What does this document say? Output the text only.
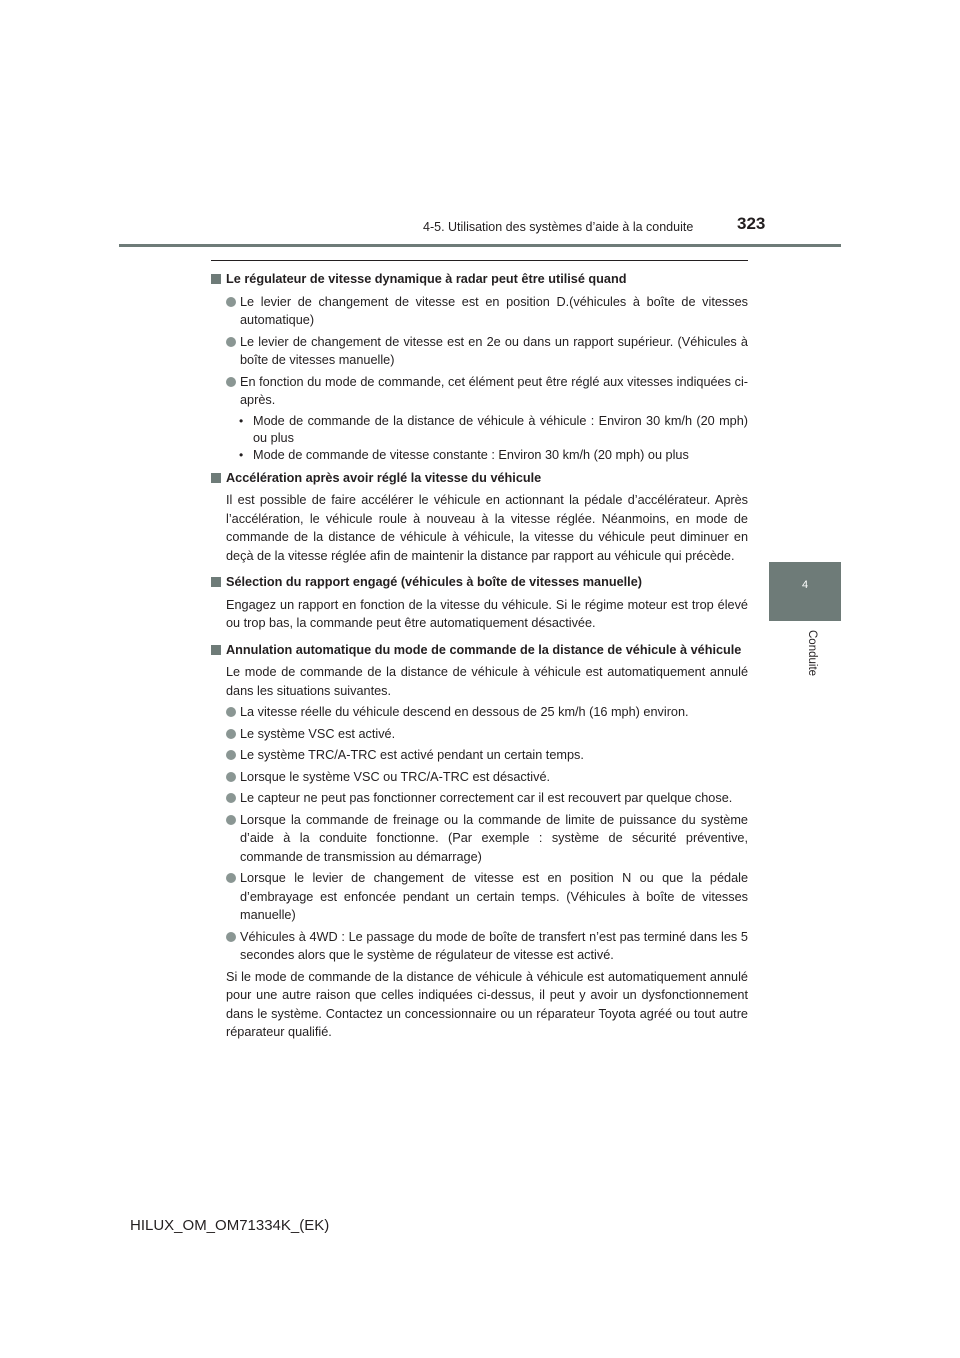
4-5. Utilisation des systèmes d’aide à la conduite	323
4
Conduite
Le régulateur de vitesse dynamique à radar peut être utilisé quand
Le levier de changement de vitesse est en position D.(véhicules à boîte de vitesses automatique)
Le levier de changement de vitesse est en 2e ou dans un rapport supérieur. (Véhicules à boîte de vitesses manuelle)
En fonction du mode de commande, cet élément peut être réglé aux vitesses indiquées ci-après.
• Mode de commande de la distance de véhicule à véhicule : Environ 30 km/h (20 mph) ou plus
• Mode de commande de vitesse constante : Environ 30 km/h (20 mph) ou plus
Accélération après avoir réglé la vitesse du véhicule
Il est possible de faire accélérer le véhicule en actionnant la pédale d’accélérateur. Après l’accélération, le véhicule roule à nouveau à la vitesse réglée. Néanmoins, en mode de commande de la distance de véhicule à véhicule, la vitesse du véhicule peut diminuer en deçà de la vitesse réglée afin de maintenir la distance par rapport au véhicule qui précède.
Sélection du rapport engagé (véhicules à boîte de vitesses manuelle)
Engagez un rapport en fonction de la vitesse du véhicule. Si le régime moteur est trop élevé ou trop bas, la commande peut être automatiquement désactivée.
Annulation automatique du mode de commande de la distance de véhicule à véhicule
Le mode de commande de la distance de véhicule à véhicule est automatiquement annulé dans les situations suivantes.
La vitesse réelle du véhicule descend en dessous de 25 km/h (16 mph) environ.
Le système VSC est activé.
Le système TRC/A-TRC est activé pendant un certain temps.
Lorsque le système VSC ou TRC/A-TRC est désactivé.
Le capteur ne peut pas fonctionner correctement car il est recouvert par quelque chose.
Lorsque la commande de freinage ou la commande de limite de puissance du système d’aide à la conduite fonctionne. (Par exemple : système de sécurité préventive, commande de transmission au démarrage)
Lorsque le levier de changement de vitesse est en position N ou que la pédale d’embrayage est enfoncée pendant un certain temps. (Véhicules à boîte de vitesses manuelle)
Véhicules à 4WD : Le passage du mode de boîte de transfert n’est pas terminé dans les 5 secondes alors que le système de régulateur de vitesse est activé.
Si le mode de commande de la distance de véhicule à véhicule est automatiquement annulé pour une autre raison que celles indiquées ci-dessus, il peut y avoir un dysfonctionnement dans le système. Contactez un concessionnaire ou un réparateur Toyota agréé ou tout autre réparateur qualifié.
HILUX_OM_OM71334K_(EK)
